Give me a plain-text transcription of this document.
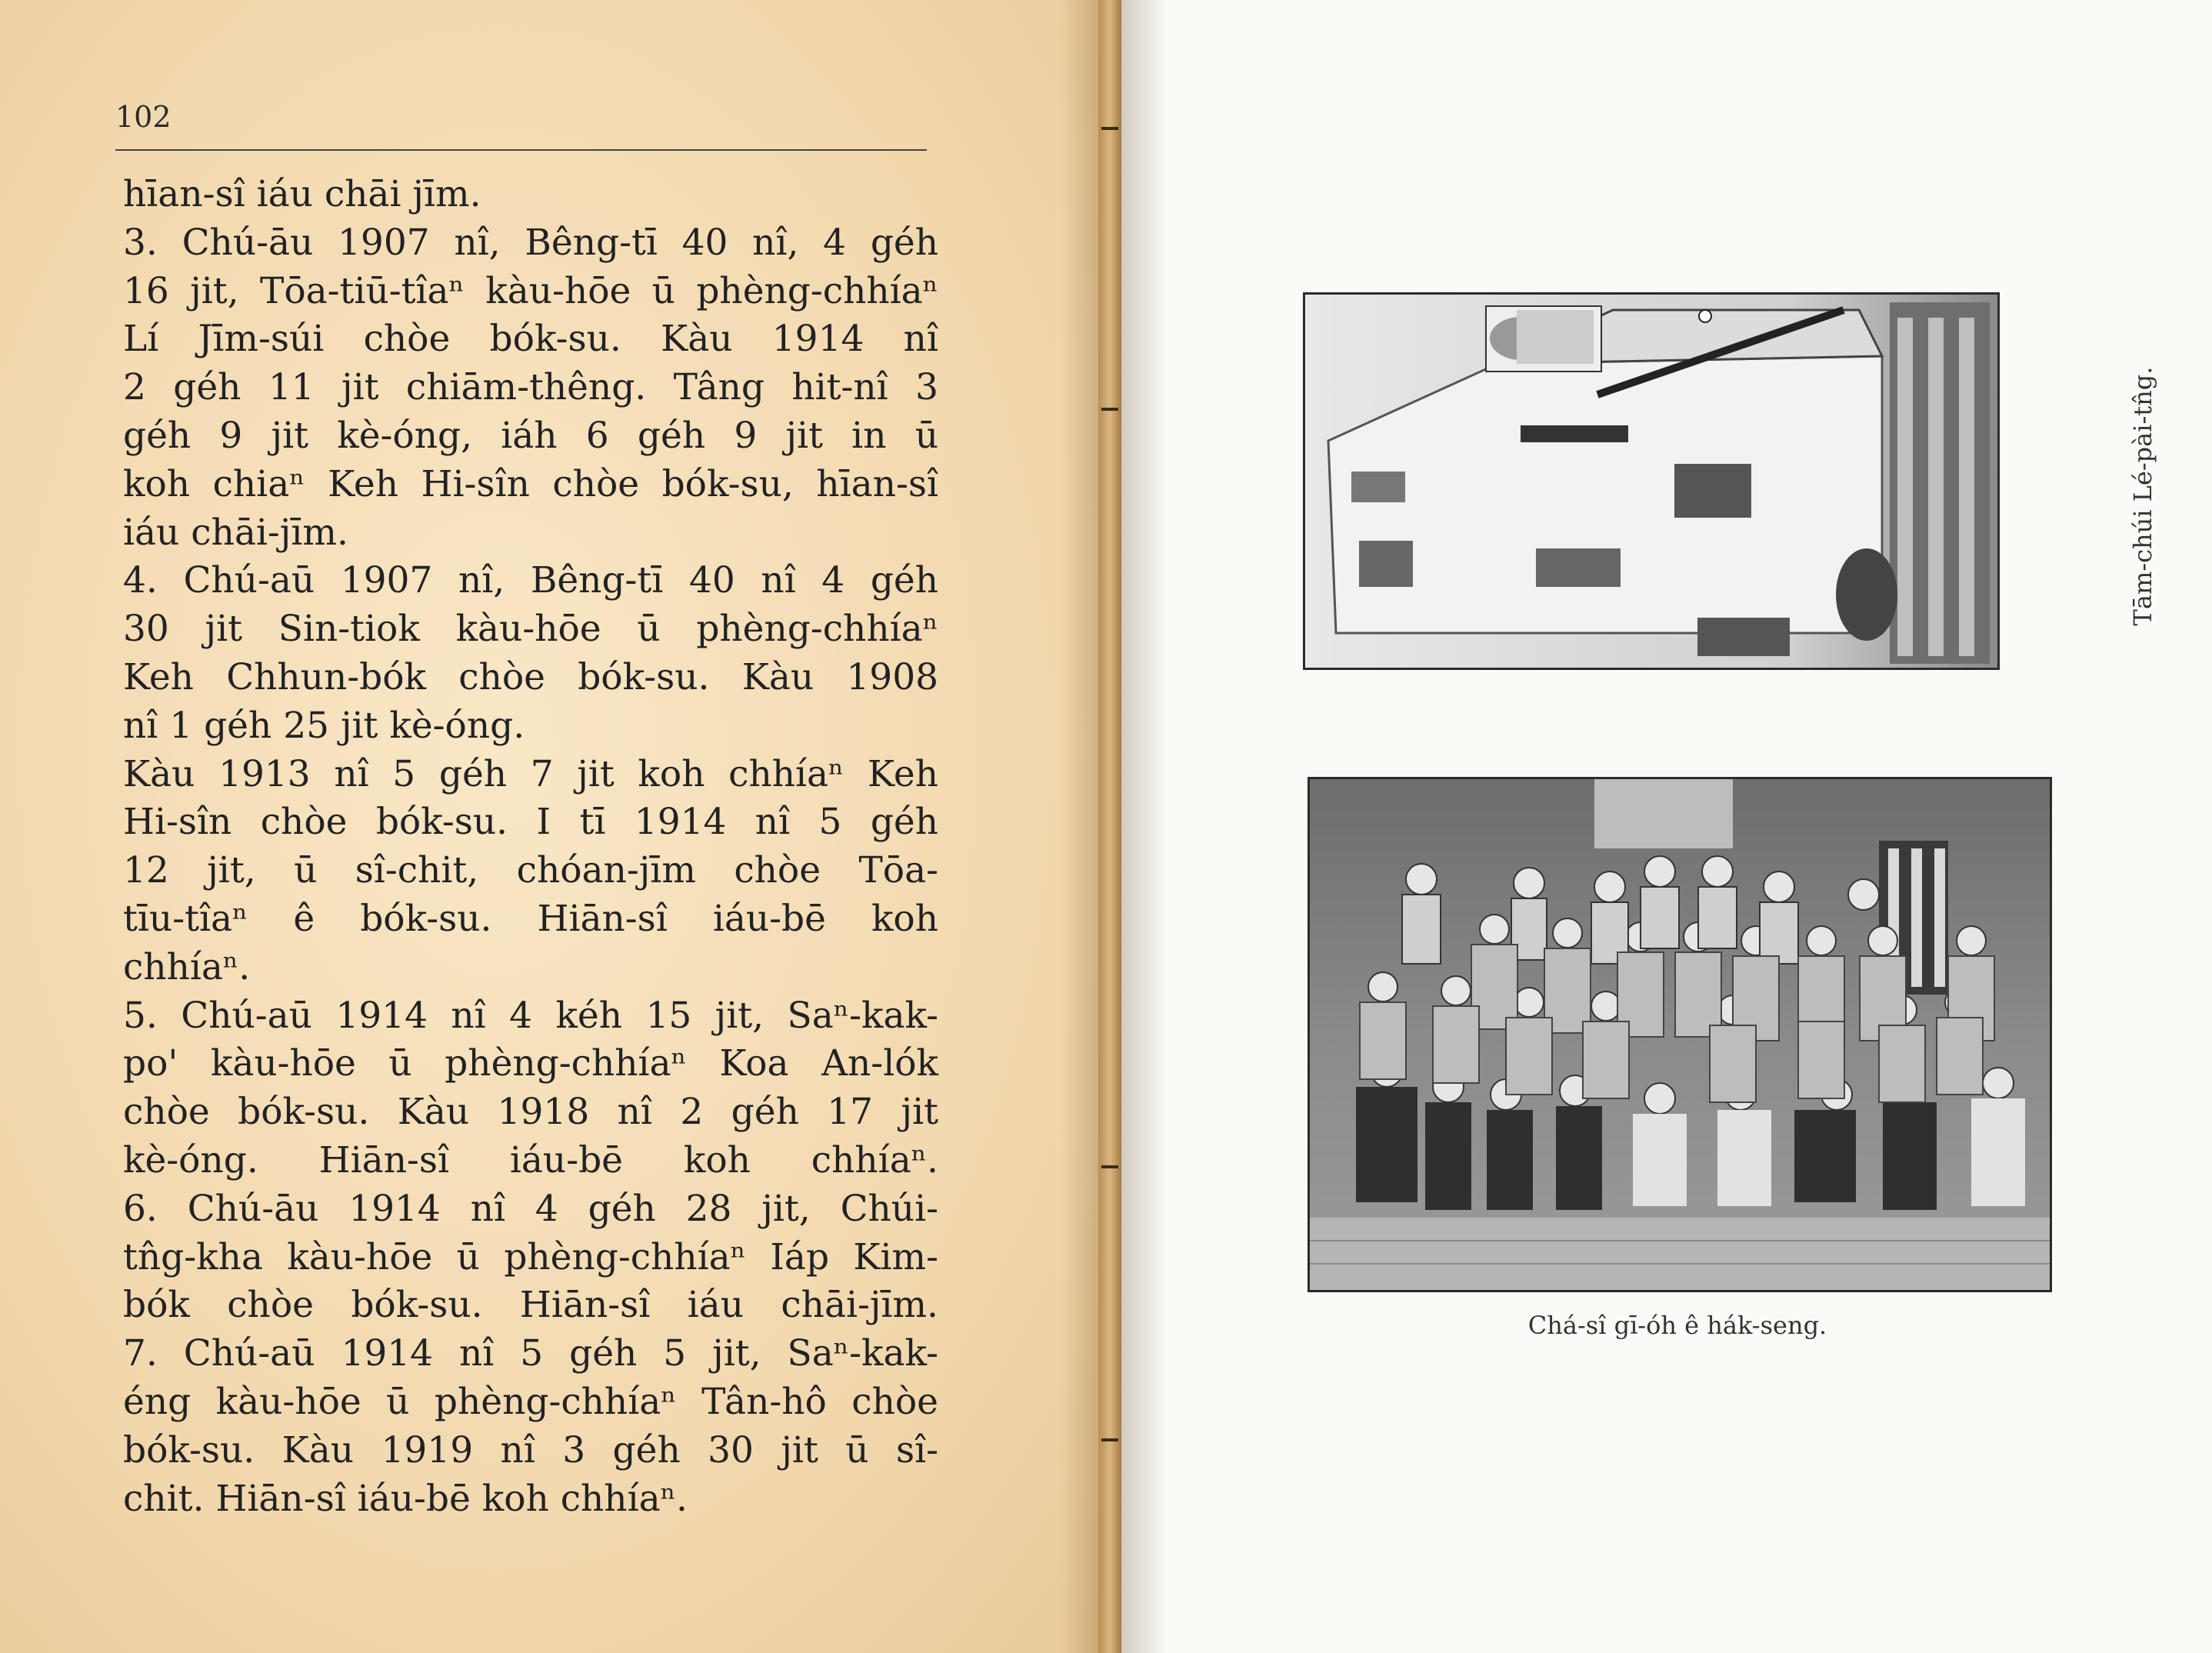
102
hīan-sî iáu chāi jīm.
3. Chú-āu 1907 nî, Bêng-tī 40 nî, 4 géh
16 jit, Tōa-tiū-tîaⁿ kàu-hōe ū phèng-chhíaⁿ
Lí Jīm-súi chòe bók-su. Kàu 1914 nî
2 géh 11 jit chiām-thêng. Tâng hit-nî 3
géh 9 jit kè-óng, iáh 6 géh 9 jit in ū
koh chiaⁿ Keh Hi-sîn chòe bók-su, hīan-sî
iáu chāi-jīm.
4. Chú-aū 1907 nî, Bêng-tī 40 nî 4 géh
30 jit Sin-tiok kàu-hōe ū phèng-chhíaⁿ
Keh Chhun-bók chòe bók-su. Kàu 1908
nî 1 géh 25 jit kè-óng.
Kàu 1913 nî 5 géh 7 jit koh chhíaⁿ Keh
Hi-sîn chòe bók-su. I tī 1914 nî 5 géh
12 jit, ū sî-chit, chóan-jīm chòe Tōa-
tīu-tîaⁿ ê bók-su. Hiān-sî iáu-bē koh
chhíaⁿ.
5. Chú-aū 1914 nî 4 kéh 15 jit, Saⁿ-kak-
po' kàu-hōe ū phèng-chhíaⁿ Koa An-lók
chòe bók-su. Kàu 1918 nî 2 géh 17 jit
kè-óng. Hiān-sî iáu-bē koh chhíaⁿ.
6. Chú-āu 1914 nî 4 géh 28 jit, Chúi-
tn̂g-kha kàu-hōe ū phèng-chhíaⁿ Iáp Kim-
bók chòe bók-su. Hiān-sî iáu chāi-jīm.
7. Chú-aū 1914 nî 5 géh 5 jit, Saⁿ-kak-
éng kàu-hōe ū phèng-chhíaⁿ Tân-hô chòe
bók-su. Kàu 1919 nî 3 géh 30 jit ū sî-
chit. Hiān-sî iáu-bē koh chhíaⁿ.
Tām-chúi Lé-pài-tn̂g.
Chá-sî gī-óh ê hák-seng.
